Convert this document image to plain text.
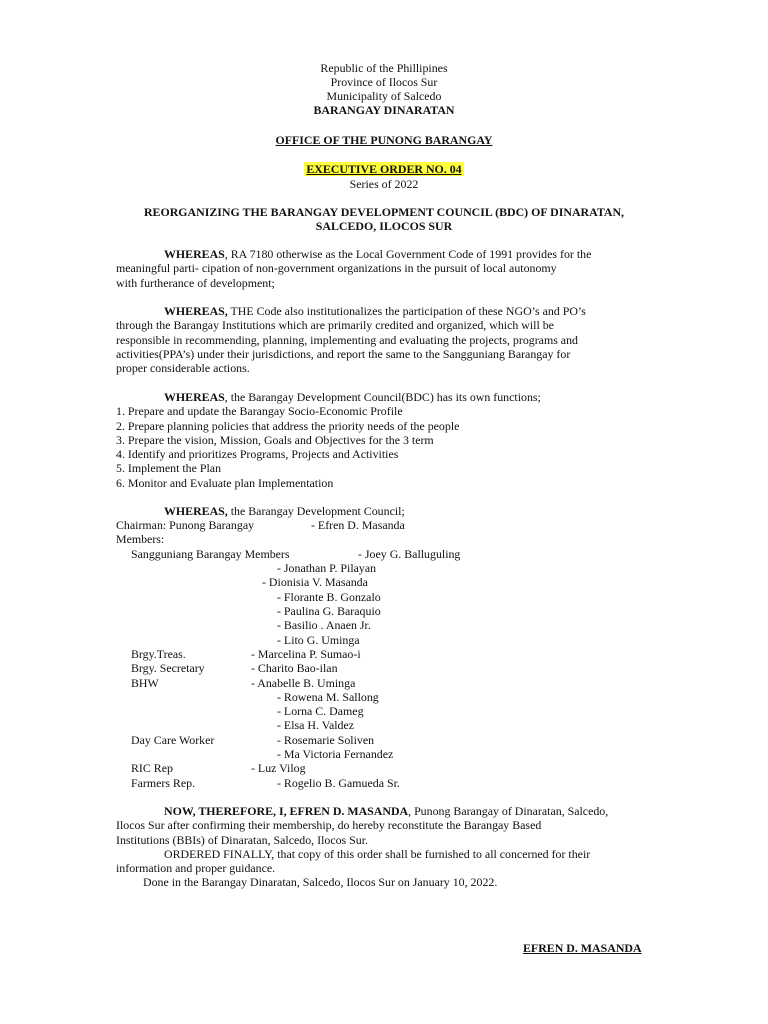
Republic of the Phillipines
Province of Ilocos Sur
Municipality of Salcedo
BARANGAY DINARATAN
OFFICE OF THE PUNONG BARANGAY
EXECUTIVE ORDER NO. 04
Series of 2022
REORGANIZING THE BARANGAY DEVELOPMENT COUNCIL (BDC) OF DINARATAN,
SALCEDO, ILOCOS SUR
WHEREAS, RA 7180 otherwise as the Local Government Code of 1991 provides for the
meaningful parti- cipation of non-government organizations in the pursuit of local autonomy
with furtherance of development;
WHEREAS, THE Code also institutionalizes the participation of these NGO’s and PO’s
through the Barangay Institutions which are primarily credited and organized, which will be
responsible in recommending, planning, implementing and evaluating the projects, programs and
activities(PPA’s) under their jurisdictions, and report the same to the Sangguniang Barangay for
proper considerable actions.
WHEREAS, the Barangay Development Council(BDC) has its own functions;
1. Prepare and update the Barangay Socio-Economic Profile
2. Prepare planning policies that address the priority needs of the people
3. Prepare the vision, Mission, Goals and Objectives for the 3 term
4. Identify and prioritizes Programs, Projects and Activities
5. Implement the Plan
6. Monitor and Evaluate plan Implementation
WHEREAS, the Barangay Development Council;
Chairman: Punong Barangay	- Efren D. Masanda
Members:
Sangguniang Barangay Members	- Joey G. Balluguling
- Jonathan P. Pilayan
- Dionisia V. Masanda
- Florante B. Gonzalo
- Paulina G. Baraquio
- Basilio . Anaen Jr.
- Lito G. Uminga
Brgy.Treas.	- Marcelina P. Sumao-i
Brgy. Secretary	- Charito Bao-ilan
BHW	- Anabelle B. Uminga
- Rowena M. Sallong
- Lorna C. Dameg
- Elsa H. Valdez
Day Care Worker	- Rosemarie Soliven
- Ma Victoria Fernandez
RIC Rep	- Luz Vilog
Farmers Rep.	- Rogelio B. Gamueda Sr.
NOW, THEREFORE, I, EFREN D. MASANDA, Punong Barangay of Dinaratan, Salcedo,
Ilocos Sur after confirming their membership, do hereby reconstitute the Barangay Based
Institutions (BBIs) of Dinaratan, Salcedo, Ilocos Sur.
ORDERED FINALLY, that copy of this order shall be furnished to all concerned for their
information and proper guidance.
Done in the Barangay Dinaratan, Salcedo, Ilocos Sur on January 10, 2022.
EFREN D. MASANDA
